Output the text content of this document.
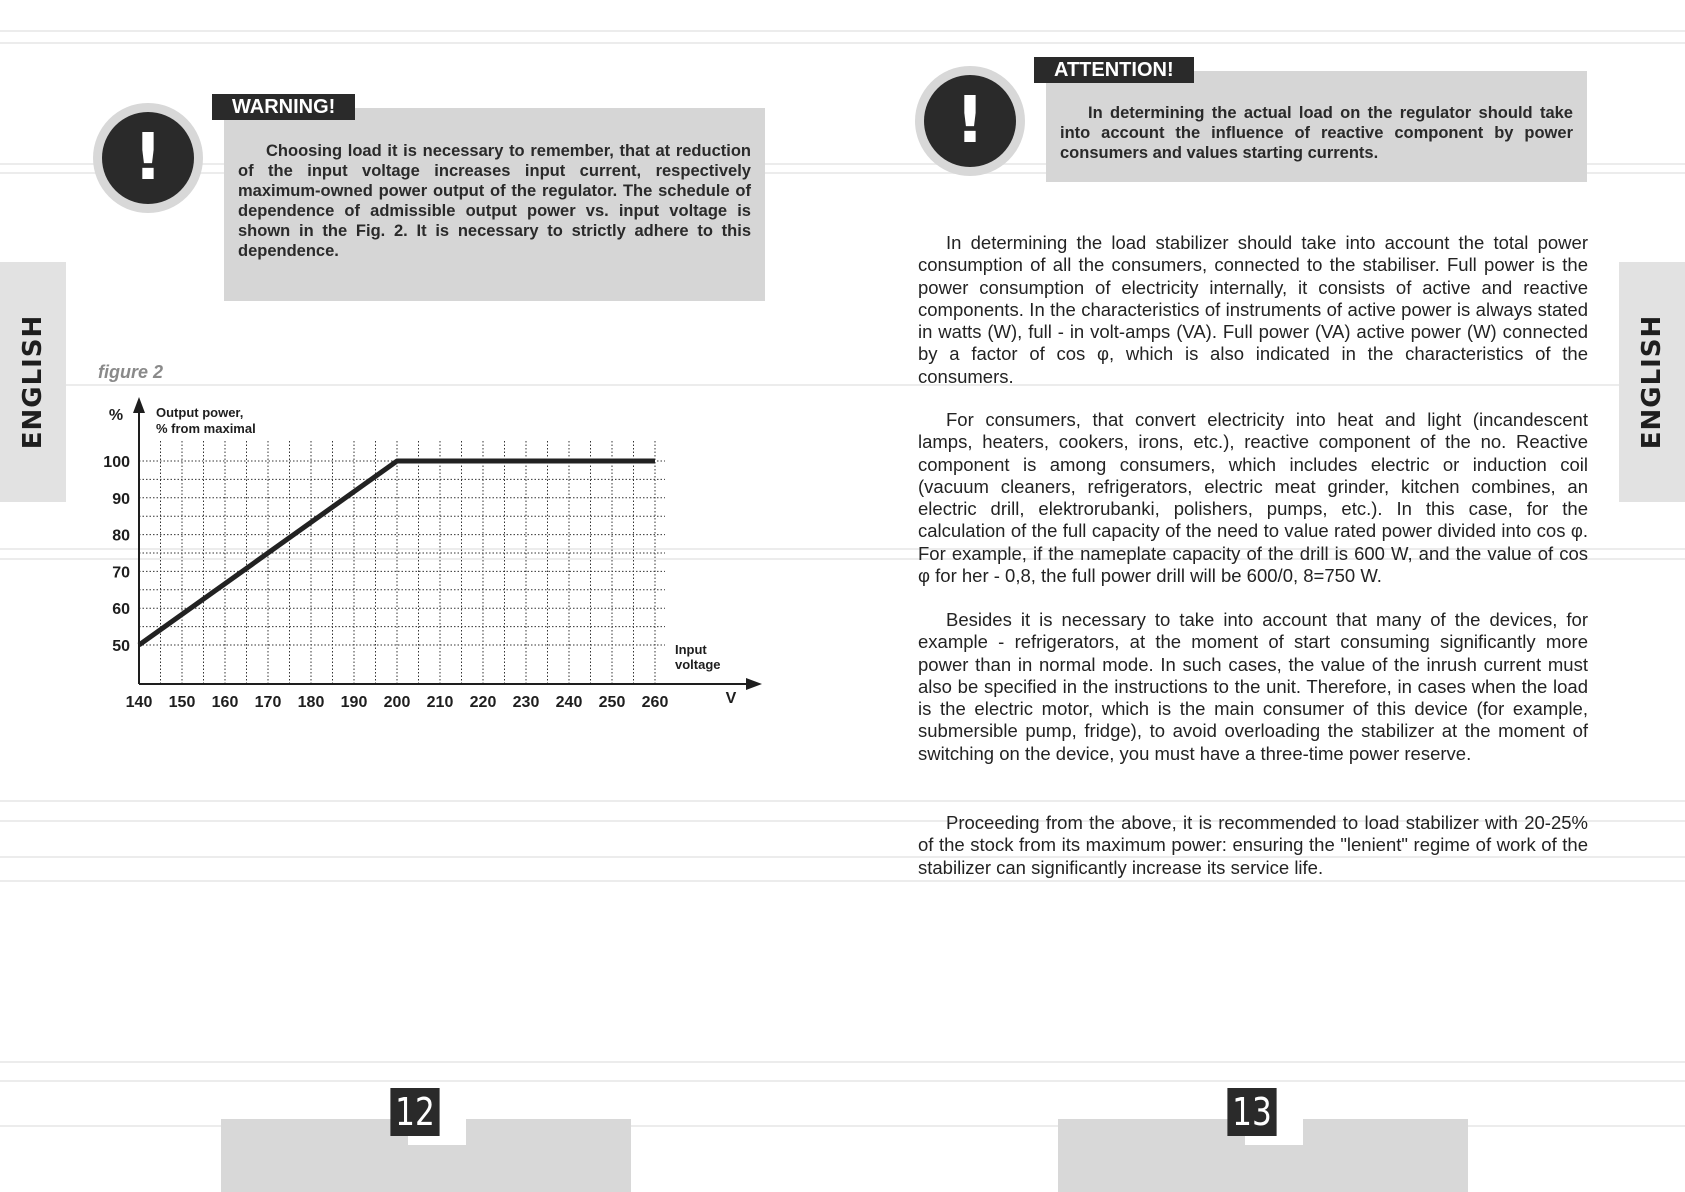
ENGLISH	ENGLISH
!
WARNING!
Choosing load it is necessary to remember, that at reduction of the input voltage increases input current, respectively maximum-owned power output of the regulator. The schedule of dependence of admissible output power vs. input voltage is shown in the Fig. 2. It is necessary to strictly adhere to this dependence.
figure 2
140 150 160 170 180 190 200 210 220 230 240 250 260
50
60
70
80
90
100
%	Output power,
% from maximal
Input
voltage
V
!
ATTENTION!
In determining the actual load on the regulator should take into account the influence of reactive component by power consumers and values starting currents.

In determining the load stabilizer should take into account the total power consumption of all the consumers, connected to the stabiliser. Full power is the power consumption of electricity internally, it consists of active and reactive components. In the characteristics of instruments of active power is always stated in watts (W), full - in volt-amps (VA). Full power (VA) active power (W) connected by a factor of cos φ, which is also indicated in the characteristics of the consumers.

For consumers, that convert electricity into heat and light (incandescent lamps, heaters, cookers, irons, etc.), reactive component of the no. Reactive component is among consumers, which includes electric or induction coil (vacuum cleaners, refrigerators, electric meat grinder, kitchen combines, an electric drill, elektrorubanki, polishers, pumps, etc.). In this case, for the calculation of the full capacity of the need to value rated power divided into cos φ. For example, if the nameplate capacity of the drill is 600 W, and the value of cos φ for her - 0,8, the full power drill will be 600/0, 8=750 W.

Besides it is necessary to take into account that many of the devices, for example - refrigerators, at the moment of start consuming significantly more power than in normal mode. In such cases, the value of the inrush current must also be specified in the instructions to the unit. Therefore, in cases when the load is the electric motor, which is the main consumer of this device (for example, submersible pump, fridge), to avoid overloading the stabilizer at the moment of switching on the device, you must have a three-time power reserve.

Proceeding from the above, it is recommended to load stabilizer with 20-25% of the stock from its maximum power: ensuring the "lenient" regime of work of the stabilizer can significantly increase its service life.

12	13
